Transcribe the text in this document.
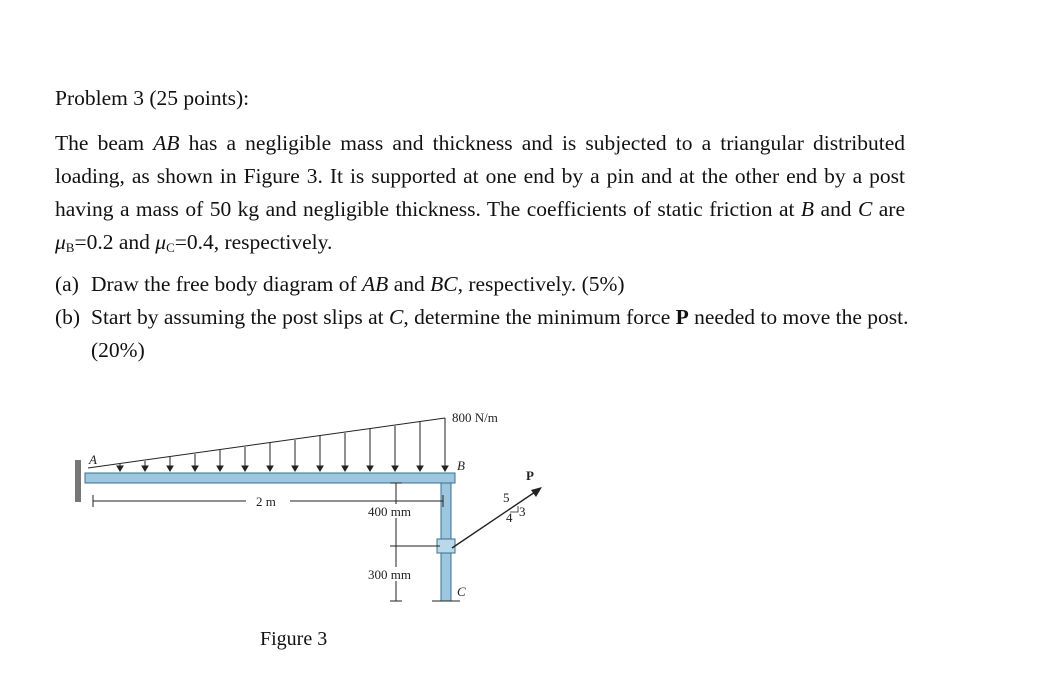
Problem 3 (25 points):

The beam AB has a negligible mass and thickness and is subjected to a triangular distributed loading, as shown in Figure 3. It is supported at one end by a pin and at the other end by a post having a mass of 50 kg and negligible thickness. The coefficients of static friction at B and C are $\mu_B=0.2$ and $\mu_C=0.4$, respectively.

(a) Draw the free body diagram of AB and BC, respectively. (5%)
(b) Start by assuming the post slips at C, determine the minimum force P needed to move the post. (20%)
A
800 N/m
B
C
P
5
3
4
2 m
400 mm
300 mm
Figure 3
